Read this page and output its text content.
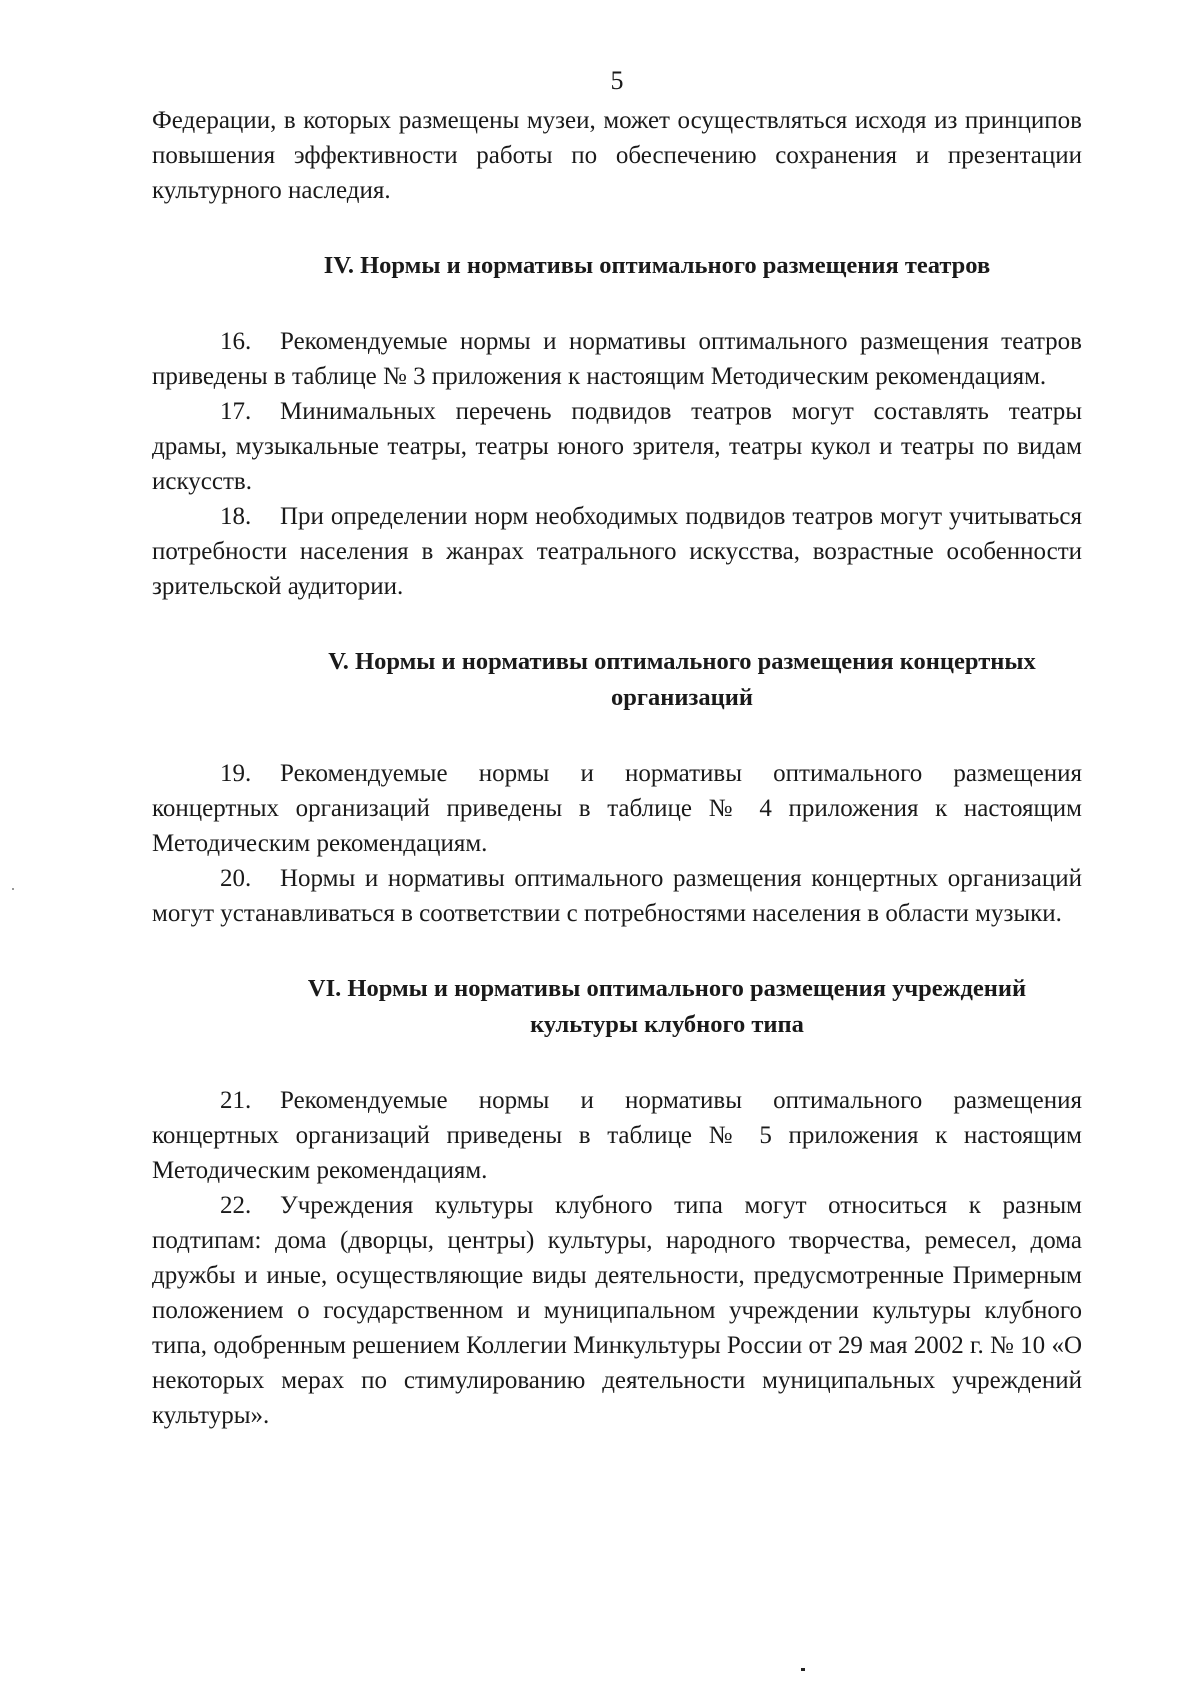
5

Федерации, в которых размещены музеи, может осуществляться исходя из принципов повышения эффективности работы по обеспечению сохранения и презентации культурного наследия.

IV. Нормы и нормативы оптимального размещения театров

16. Рекомендуемые нормы и нормативы оптимального размещения театров приведены в таблице № 3 приложения к настоящим Методическим рекомендациям.

17. Минимальных перечень подвидов театров могут составлять театры драмы, музыкальные театры, театры юного зрителя, театры кукол и театры по видам искусств.

18. При определении норм необходимых подвидов театров могут учитываться потребности населения в жанрах театрального искусства, возрастные особенности зрительской аудитории.

V. Нормы и нормативы оптимального размещения концертных организаций

19. Рекомендуемые нормы и нормативы оптимального размещения концертных организаций приведены в таблице № 4 приложения к настоящим Методическим рекомендациям.

20. Нормы и нормативы оптимального размещения концертных организаций могут устанавливаться в соответствии с потребностями населения в области музыки.

VI. Нормы и нормативы оптимального размещения учреждений культуры клубного типа

21. Рекомендуемые нормы и нормативы оптимального размещения концертных организаций приведены в таблице № 5 приложения к настоящим Методическим рекомендациям.

22. Учреждения культуры клубного типа могут относиться к разным подтипам: дома (дворцы, центры) культуры, народного творчества, ремесел, дома дружбы и иные, осуществляющие виды деятельности, предусмотренные Примерным положением о государственном и муниципальном учреждении культуры клубного типа, одобренным решением Коллегии Минкультуры России от 29 мая 2002 г. № 10 «О некоторых мерах по стимулированию деятельности муниципальных учреждений культуры».
